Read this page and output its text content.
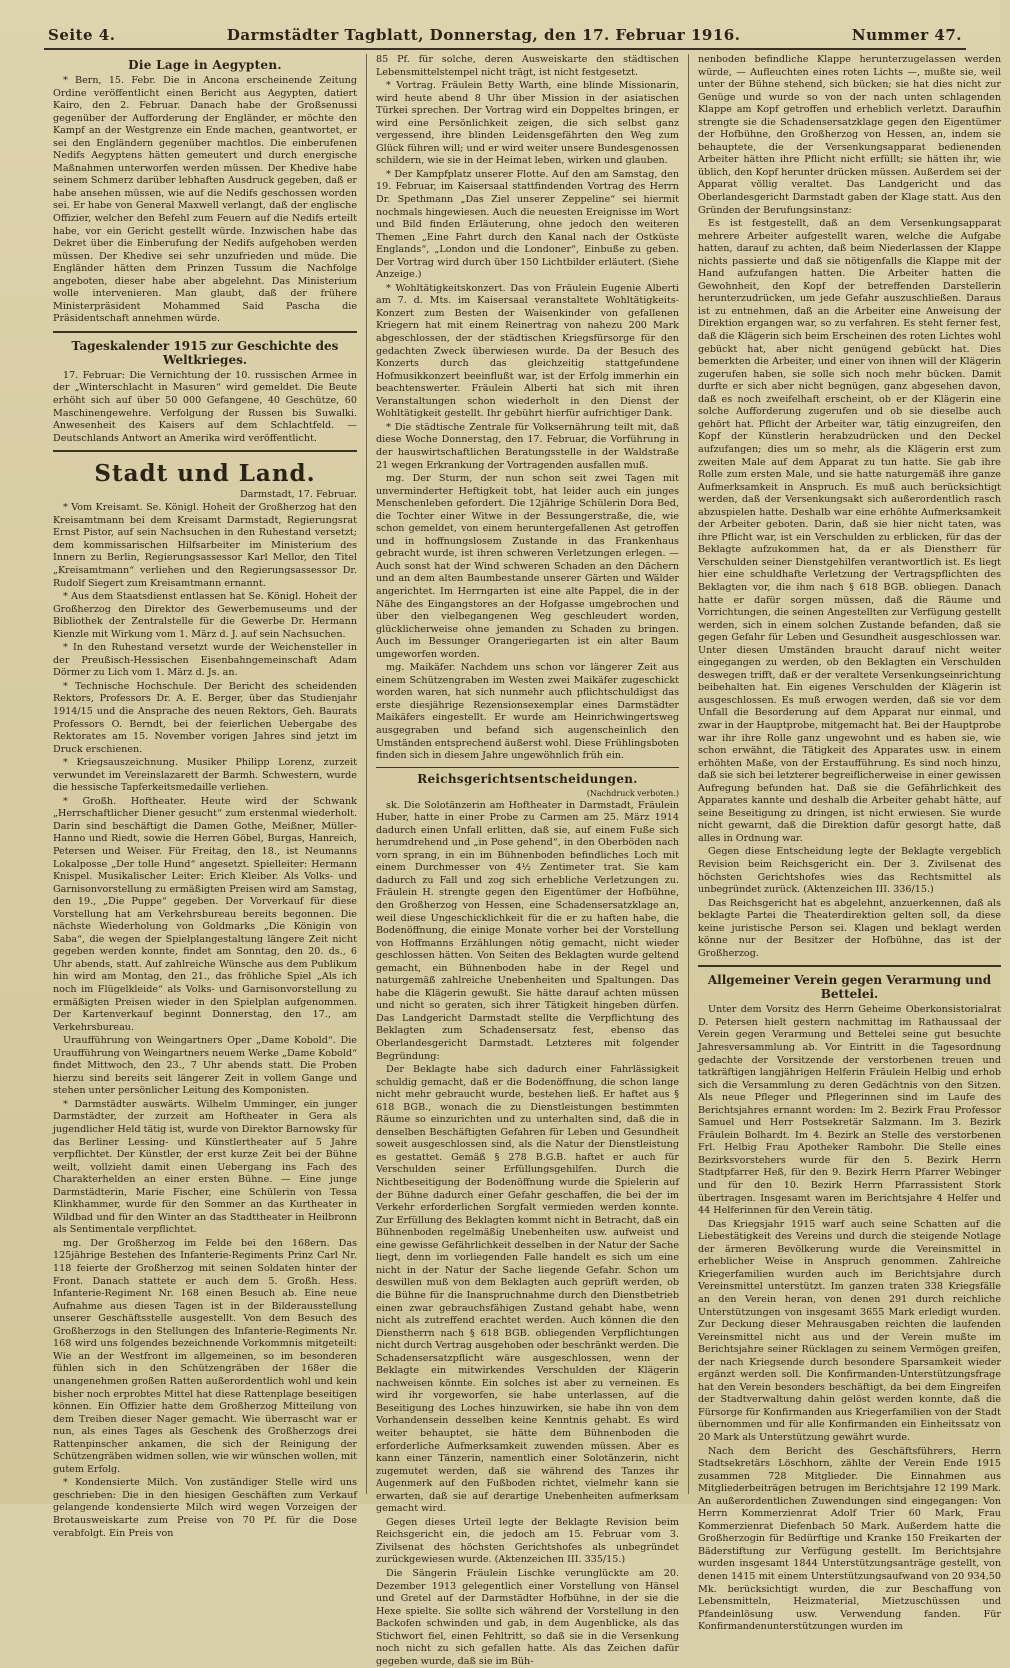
Seite 4.	Darmstädter Tagblatt, Donnerstag, den 17. Februar 1916.	Nummer 47.
Die Lage in Aegypten.

* Bern, 15. Febr. Die in Ancona erscheinende Zeitung Ordine veröffentlicht einen Bericht aus Aegypten, datiert Kairo, den 2. Februar. Danach habe der Großsenussi gegenüber der Aufforderung der Engländer, er möchte den Kampf an der Westgrenze ein Ende machen, geantwortet, er sei den Engländern gegenüber machtlos. Die einberufenen Nedifs Aegyptens hätten gemeutert und durch energische Maßnahmen unterworfen werden müssen. Der Khedive habe seinem Schmerz darüber lebhaften Ausdruck gegeben, daß er habe ansehen müssen, wie auf die Nedifs geschossen worden sei. Er habe von General Maxwell verlangt, daß der englische Offizier, welcher den Befehl zum Feuern auf die Nedifs erteilt habe, vor ein Gericht gestellt würde. Inzwischen habe das Dekret über die Einberufung der Nedifs aufgehoben werden müssen. Der Khedive sei sehr unzufrieden und müde. Die Engländer hätten dem Prinzen Tussum die Nachfolge angeboten, dieser habe aber abgelehnt. Das Ministerium wolle intervenieren. Man glaubt, daß der frühere Ministerpräsident Mohammed Said Pascha die Präsidentschaft annehmen würde.

Tageskalender 1915 zur Geschichte des Weltkrieges.

17. Februar: Die Vernichtung der 10. russischen Armee in der „Winterschlacht in Masuren“ wird gemeldet. Die Beute erhöht sich auf über 50 000 Gefangene, 40 Geschütze, 60 Maschinengewehre. Verfolgung der Russen bis Suwalki. Anwesenheit des Kaisers auf dem Schlachtfeld. — Deutschlands Antwort an Amerika wird veröffentlicht.

Stadt und Land.
Darmstadt, 17. Februar.

* Vom Kreisamt. Se. Königl. Hoheit der Großherzog hat den Kreisamtmann bei dem Kreisamt Darmstadt, Regierungsrat Ernst Pistor, auf sein Nachsuchen in den Ruhestand versetzt; dem kommissarischen Hilfsarbeiter im Ministerium des Innern zu Berlin, Regierungsassessor Karl Mellor, den Titel „Kreisamtmann“ verliehen und den Regierungsassessor Dr. Rudolf Siegert zum Kreisamtmann ernannt.

* Aus dem Staatsdienst entlassen hat Se. Königl. Hoheit der Großherzog den Direktor des Gewerbemuseums und der Bibliothek der Zentralstelle für die Gewerbe Dr. Hermann Kienzle mit Wirkung vom 1. März d. J. auf sein Nachsuchen.

* In den Ruhestand versetzt wurde der Weichensteller in der Preußisch-Hessischen Eisenbahngemeinschaft Adam Dörmer zu Lich vom 1. März d. Js. an.

* Technische Hochschule. Der Bericht des scheidenden Rektors, Professors Dr. A. E. Berger, über das Studienjahr 1914/15 und die Ansprache des neuen Rektors, Geh. Baurats Professors O. Berndt, bei der feierlichen Uebergabe des Rektorates am 15. November vorigen Jahres sind jetzt im Druck erschienen.

* Kriegsauszeichnung. Musiker Philipp Lorenz, zurzeit verwundet im Vereinslazarett der Barmh. Schwestern, wurde die hessische Tapferkeitsmedaille verliehen.

* Großh. Hoftheater. Heute wird der Schwank „Herrschaftlicher Diener gesucht“ zum erstenmal wiederholt. Darin sind beschäftigt die Damen Gothe, Meißner, Müller-Hanno und Riedt, sowie die Herren Göbel, Burgas, Hanreich, Petersen und Weiser. Für Freitag, den 18., ist Neumanns Lokalposse „Der tolle Hund“ angesetzt. Spielleiter: Hermann Knispel. Musikalischer Leiter: Erich Kleiber. Als Volks- und Garnisonvorstellung zu ermäßigten Preisen wird am Samstag, den 19., „Die Puppe“ gegeben. Der Vorverkauf für diese Vorstellung hat am Verkehrsbureau bereits begonnen. Die nächste Wiederholung von Goldmarks „Die Königin von Saba“, die wegen der Spielplangestaltung längere Zeit nicht gegeben werden konnte, findet am Sonntag, den 20. ds., 6 Uhr abends, statt. Auf zahlreiche Wünsche aus dem Publikum hin wird am Montag, den 21., das fröhliche Spiel „Als ich noch im Flügelkleide“ als Volks- und Garnisonvorstellung zu ermäßigten Preisen wieder in den Spielplan aufgenommen. Der Kartenverkauf beginnt Donnerstag, den 17., am Verkehrsbureau.

Uraufführung von Weingartners Oper „Dame Kobold“. Die Uraufführung von Weingartners neuem Werke „Dame Kobold“ findet Mittwoch, den 23., 7 Uhr abends statt. Die Proben hierzu sind bereits seit längerer Zeit in vollem Gange und stehen unter persönlicher Leitung des Komponisten.

* Darmstädter auswärts. Wilhelm Umminger, ein junger Darmstädter, der zurzeit am Hoftheater in Gera als jugendlicher Held tätig ist, wurde von Direktor Barnowsky für das Berliner Lessing- und Künstlertheater auf 5 Jahre verpflichtet. Der Künstler, der erst kurze Zeit bei der Bühne weilt, vollzieht damit einen Uebergang ins Fach des Charakterhelden an einer ersten Bühne. — Eine junge Darmstädterin, Marie Fischer, eine Schülerin von Tessa Klinkhammer, wurde für den Sommer an das Kurtheater in Wildbad und für den Winter an das Stadttheater in Heilbronn als Sentimentale verpflichtet.

mg. Der Großherzog im Felde bei den 168ern. Das 125jährige Bestehen des Infanterie-Regiments Prinz Carl Nr. 118 feierte der Großherzog mit seinen Soldaten hinter der Front. Danach stattete er auch dem 5. Großh. Hess. Infanterie-Regiment Nr. 168 einen Besuch ab. Eine neue Aufnahme aus diesen Tagen ist in der Bilderausstellung unserer Geschäftsstelle ausgestellt. Von dem Besuch des Großherzogs in den Stellungen des Infanterie-Regiments Nr. 168 wird uns folgendes bezeichnende Vorkommnis mitgeteilt: Wie an der Westfront im allgemeinen, so im besonderen fühlen sich in den Schützengräben der 168er die unangenehmen großen Ratten außerordentlich wohl und kein bisher noch erprobtes Mittel hat diese Rattenplage beseitigen können. Ein Offizier hatte dem Großherzog Mitteilung von dem Treiben dieser Nager gemacht. Wie überrascht war er nun, als eines Tages als Geschenk des Großherzogs drei Rattenpinscher ankamen, die sich der Reinigung der Schützengräben widmen sollen, wie wir wünschen wollen, mit gutem Erfolg.

* Kondensierte Milch. Von zuständiger Stelle wird uns geschrieben: Die in den hiesigen Geschäften zum Verkauf gelangende kondensierte Milch wird wegen Vorzeigen der Brotausweiskarte zum Preise von 70 Pf. für die Dose verabfolgt. Ein Preis von

85 Pf. für solche, deren Ausweiskarte den städtischen Lebensmittelstempel nicht trägt, ist nicht festgesetzt.

* Vortrag. Fräulein Betty Warth, eine blinde Missionarin, wird heute abend 8 Uhr über Mission in der asiatischen Türkei sprechen. Der Vortrag wird ein Doppeltes bringen, er wird eine Persönlichkeit zeigen, die sich selbst ganz vergessend, ihre blinden Leidensgefährten den Weg zum Glück führen will; und er wird weiter unsere Bundesgenossen schildern, wie sie in der Heimat leben, wirken und glauben.

* Der Kampfplatz unserer Flotte. Auf den am Samstag, den 19. Februar, im Kaisersaal stattfindenden Vortrag des Herrn Dr. Spethmann „Das Ziel unserer Zeppeline“ sei hiermit nochmals hingewiesen. Auch die neuesten Ereignisse im Wort und Bild finden Erläuterung, ohne jedoch den weiteren Themen „Eine Fahrt durch den Kanal nach der Ostküste Englands“, „London und die Londoner“, Einbuße zu geben. Der Vortrag wird durch über 150 Lichtbilder erläutert. (Siehe Anzeige.)

* Wohltätigkeitskonzert. Das von Fräulein Eugenie Alberti am 7. d. Mts. im Kaisersaal veranstaltete Wohltätigkeits-Konzert zum Besten der Waisenkinder von gefallenen Kriegern hat mit einem Reinertrag von nahezu 200 Mark abgeschlossen, der der städtischen Kriegsfürsorge für den gedachten Zweck überwiesen wurde. Da der Besuch des Konzerts durch das gleichzeitig stattgefundene Hofmusikkonzert beeinflußt war, ist der Erfolg immerhin ein beachtenswerter. Fräulein Alberti hat sich mit ihren Veranstaltungen schon wiederholt in den Dienst der Wohltätigkeit gestellt. Ihr gebührt hierfür aufrichtiger Dank.

* Die städtische Zentrale für Volksernährung teilt mit, daß diese Woche Donnerstag, den 17. Februar, die Vorführung in der hauswirtschaftlichen Beratungsstelle in der Waldstraße 21 wegen Erkrankung der Vortragenden ausfallen muß.

mg. Der Sturm, der nun schon seit zwei Tagen mit unverminderter Heftigkeit tobt, hat leider auch ein junges Menschenleben gefordert. Die 12jährige Schülerin Dora Bed, die Tochter einer Witwe in der Bessungerstraße, die, wie schon gemeldet, von einem heruntergefallenen Ast getroffen und in hoffnungslosem Zustande in das Frankenhaus gebracht wurde, ist ihren schweren Verletzungen erlegen. — Auch sonst hat der Wind schweren Schaden an den Dächern und an dem alten Baumbestande unserer Gärten und Wälder angerichtet. Im Herrngarten ist eine alte Pappel, die in der Nähe des Eingangstores an der Hofgasse umgebrochen und über den vielbegangenen Weg geschleudert worden, glücklicherweise ohne jemanden zu Schaden zu bringen. Auch im Bessunger Orangeriegarten ist ein alter Baum umgeworfen worden.

mg. Maikäfer. Nachdem uns schon vor längerer Zeit aus einem Schützengraben im Westen zwei Maikäfer zugeschickt worden waren, hat sich nunmehr auch pflichtschuldigst das erste diesjährige Rezensionsexemplar eines Darmstädter Maikäfers eingestellt. Er wurde am Heinrichwingertsweg ausgegraben und befand sich augenscheinlich den Umständen entsprechend äußerst wohl. Diese Frühlingsboten finden sich in diesem Jahre ungewöhnlich früh ein.

Reichsgerichtsentscheidungen.
(Nachdruck verboten.)

sk. Die Solotänzerin am Hoftheater in Darmstadt, Fräulein Huber, hatte in einer Probe zu Carmen am 25. März 1914 dadurch einen Unfall erlitten, daß sie, auf einem Fuße sich herumdrehend und „in Pose gehend“, in den Oberböden nach vorn sprang, in ein im Bühnenboden befindliches Loch mit einem Durchmesser von 4½ Zentimeter trat. Sie kam dadurch zu Fall und zog sich erhebliche Verletzungen zu. Fräulein H. strengte gegen den Eigentümer der Hofbühne, den Großherzog von Hessen, eine Schadensersatzklage an, weil diese Ungeschicklichkeit für die er zu haften habe, die Bodenöffnung, die einige Monate vorher bei der Vorstellung von Hoffmanns Erzählungen nötig gemacht, nicht wieder geschlossen hätten. Von Seiten des Beklagten wurde geltend gemacht, ein Bühnenboden habe in der Regel und naturgemäß zahlreiche Unebenheiten und Spaltungen. Das habe die Klägerin gewußt. Sie hätte darauf achten müssen und nicht so geraten, sich ihrer Tätigkeit hingeben dürfen. Das Landgericht Darmstadt stellte die Verpflichtung des Beklagten zum Schadensersatz fest, ebenso das Oberlandesgericht Darmstadt. Letzteres mit folgender Begründung:

Der Beklagte habe sich dadurch einer Fahrlässigkeit schuldig gemacht, daß er die Bodenöffnung, die schon lange nicht mehr gebraucht wurde, bestehen ließ. Er haftet aus § 618 BGB., wonach die zu Dienstleistungen bestimmten Räume so einzurichten und zu unterhalten sind, daß die in denselben Beschäftigten Gefahren für Leben und Gesundheit soweit ausgeschlossen sind, als die Natur der Dienstleistung es gestattet. Gemäß § 278 B.G.B. haftet er auch für Verschulden seiner Erfüllungsgehilfen. Durch die Nichtbeseitigung der Bodenöffnung wurde die Spielerin auf der Bühne dadurch einer Gefahr geschaffen, die bei der im Verkehr erforderlichen Sorgfalt vermieden werden konnte. Zur Erfüllung des Beklagten kommt nicht in Betracht, daß ein Bühnenboden regelmäßig Unebenheiten usw. aufweist und eine gewisse Gefährlichkeit desselben in der Natur der Sache liegt, denn im vorliegenden Falle handelt es sich um eine nicht in der Natur der Sache liegende Gefahr. Schon um deswillen muß von dem Beklagten auch geprüft werden, ob die Bühne für die Inanspruchnahme durch den Dienstbetrieb einen zwar gebrauchsfähigen Zustand gehabt habe, wenn nicht als zutreffend erachtet werden. Auch können die den Dienstherrn nach § 618 BGB. obliegenden Verpflichtungen nicht durch Vertrag ausgehoben oder beschränkt werden. Die Schadensersatzpflicht wäre ausgeschlossen, wenn der Beklagte ein mitwirkendes Verschulden der Klägerin nachweisen könnte. Ein solches ist aber zu verneinen. Es wird ihr vorgeworfen, sie habe unterlassen, auf die Beseitigung des Loches hinzuwirken, sie habe ihn von dem Vorhandensein desselben keine Kenntnis gehabt. Es wird weiter behauptet, sie hätte dem Bühnenboden die erforderliche Aufmerksamkeit zuwenden müssen. Aber es kann einer Tänzerin, namentlich einer Solotänzerin, nicht zugemutet werden, daß sie während des Tanzes ihr Augenmerk auf den Fußboden richtet, vielmehr kann sie erwarten, daß sie auf derartige Unebenheiten aufmerksam gemacht wird.

Gegen dieses Urteil legte der Beklagte Revision beim Reichsgericht ein, die jedoch am 15. Februar vom 3. Zivilsenat des höchsten Gerichtshofes als unbegründet zurückgewiesen wurde. (Aktenzeichen III. 335/15.)

Die Sängerin Fräulein Lischke verunglückte am 20. Dezember 1913 gelegentlich einer Vorstellung von Hänsel und Gretel auf der Darmstädter Hofbühne, in der sie die Hexe spielte. Sie sollte sich während der Vorstellung in den Backofen schwinden und gab, in dem Augenblicke, als das Stichwort fiel, einen Fehltritt, so daß sie in die Versenkung noch nicht zu sich gefallen hatte. Als das Zeichen dafür gegeben wurde, daß sie im Büh-

nenboden befindliche Klappe herunterzugelassen werden würde, — Aufleuchten eines roten Lichts —, mußte sie, weil unter der Bühne stehend, sich bücken; sie hat dies nicht zur Genüge und wurde so von der nach unten schlagenden Klappe am Kopf getroffen und erheblich verletzt. Daraufhin strengte sie die Schadensersatzklage gegen den Eigentümer der Hofbühne, den Großherzog von Hessen, an, indem sie behauptete, die der Versenkungsapparat bedienenden Arbeiter hätten ihre Pflicht nicht erfüllt; sie hätten ihr, wie üblich, den Kopf herunter drücken müssen. Außerdem sei der Apparat völlig veraltet. Das Landgericht und das Oberlandesgericht Darmstadt gaben der Klage statt. Aus den Gründen der Berufungsinstanz:

Es ist festgestellt, daß an dem Versenkungsapparat mehrere Arbeiter aufgestellt waren, welche die Aufgabe hatten, darauf zu achten, daß beim Niederlassen der Klappe nichts passierte und daß sie nötigenfalls die Klappe mit der Hand aufzufangen hatten. Die Arbeiter hatten die Gewohnheit, den Kopf der betreffenden Darstellerin herunterzudrücken, um jede Gefahr auszuschließen. Daraus ist zu entnehmen, daß an die Arbeiter eine Anweisung der Direktion ergangen war, so zu verfahren. Es steht ferner fest, daß die Klägerin sich beim Erscheinen des roten Lichtes wohl gebückt hat, aber nicht genügend gebückt hat. Dies bemerkten die Arbeiter, und einer von ihnen will der Klägerin zugerufen haben, sie solle sich noch mehr bücken. Damit durfte er sich aber nicht begnügen, ganz abgesehen davon, daß es noch zweifelhaft erscheint, ob er der Klägerin eine solche Aufforderung zugerufen und ob sie dieselbe auch gehört hat. Pflicht der Arbeiter war, tätig einzugreifen, den Kopf der Künstlerin herabzudrücken und den Deckel aufzufangen; dies um so mehr, als die Klägerin erst zum zweiten Male auf dem Apparat zu tun hatte. Sie gab ihre Rolle zum ersten Male, und sie hatte naturgemäß ihre ganze Aufmerksamkeit in Anspruch. Es muß auch berücksichtigt werden, daß der Versenkungsakt sich außerordentlich rasch abzuspielen hatte. Deshalb war eine erhöhte Aufmerksamkeit der Arbeiter geboten. Darin, daß sie hier nicht taten, was ihre Pflicht war, ist ein Verschulden zu erblicken, für das der Beklagte aufzukommen hat, da er als Dienstherr für Verschulden seiner Dienstgehilfen verantwortlich ist. Es liegt hier eine schuldhafte Verletzung der Vertragspflichten des Beklagten vor, die ihm nach § 618 BGB. obliegen. Danach hatte er dafür sorgen müssen, daß die Räume und Vorrichtungen, die seinen Angestellten zur Verfügung gestellt werden, sich in einem solchen Zustande befanden, daß sie gegen Gefahr für Leben und Gesundheit ausgeschlossen war. Unter diesen Umständen braucht darauf nicht weiter eingegangen zu werden, ob den Beklagten ein Verschulden deswegen trifft, daß er der veraltete Versenkungseinrichtung beibehalten hat. Ein eigenes Verschulden der Klägerin ist ausgeschlossen. Es muß erwogen werden, daß sie vor dem Unfall die Besorderung auf dem Apparat nur einmal, und zwar in der Hauptprobe, mitgemacht hat. Bei der Hauptprobe war ihr ihre Rolle ganz ungewohnt und es haben sie, wie schon erwähnt, die Tätigkeit des Apparates usw. in einem erhöhten Maße, von der Erstaufführung. Es sind noch hinzu, daß sie sich bei letzterer begreiflicherweise in einer gewissen Aufregung befunden hat. Daß sie die Gefährlichkeit des Apparates kannte und deshalb die Arbeiter gehabt hätte, auf seine Beseitigung zu dringen, ist nicht erwiesen. Sie wurde nicht gewarnt, daß die Direktion dafür gesorgt hatte, daß alles in Ordnung war.

Gegen diese Entscheidung legte der Beklagte vergeblich Revision beim Reichsgericht ein. Der 3. Zivilsenat des höchsten Gerichtshofes wies das Rechtsmittel als unbegründet zurück. (Aktenzeichen III. 336/15.)

Das Reichsgericht hat es abgelehnt, anzuerkennen, daß als beklagte Partei die Theaterdirektion gelten soll, da diese keine juristische Person sei. Klagen und beklagt werden könne nur der Besitzer der Hofbühne, das ist der Großherzog.

Allgemeiner Verein gegen Verarmung und Bettelei.

Unter dem Vorsitz des Herrn Geheime Oberkonsistorialrat D. Petersen hielt gestern nachmittag im Rathaussaal der Verein gegen Verarmung und Bettelei seine gut besuchte Jahresversammlung ab. Vor Eintritt in die Tagesordnung gedachte der Vorsitzende der verstorbenen treuen und tatkräftigen langjährigen Helferin Fräulein Helbig und erhob sich die Versammlung zu deren Gedächtnis von den Sitzen. Als neue Pfleger und Pflegerinnen sind im Laufe des Berichtsjahres ernannt worden: Im 2. Bezirk Frau Professor Samuel und Herr Postsekretär Salzmann. Im 3. Bezirk Fräulein Bolhardt. Im 4. Bezirk an Stelle des verstorbenen Frl. Helbig Frau Apotheker Rambohr. Die Stelle eines Bezirksvorstehers wurde für den 5. Bezirk Herrn Stadtpfarrer Heß, für den 9. Bezirk Herrn Pfarrer Webinger und für den 10. Bezirk Herrn Pfarrassistent Stork übertragen. Insgesamt waren im Berichtsjahre 4 Helfer und 44 Helferinnen für den Verein tätig.

Das Kriegsjahr 1915 warf auch seine Schatten auf die Liebestätigkeit des Vereins und durch die steigende Notlage der ärmeren Bevölkerung wurde die Vereinsmittel in erheblicher Weise in Anspruch genommen. Zahlreiche Kriegerfamilien wurden auch im Berichtsjahre durch Vereinsmittel unterstützt. Im ganzen traten 338 Kriegsfälle an den Verein heran, von denen 291 durch reichliche Unterstützungen von insgesamt 3655 Mark erledigt wurden. Zur Deckung dieser Mehrausgaben reichten die laufenden Vereinsmittel nicht aus und der Verein mußte im Berichtsjahre seiner Rücklagen zu seinem Vermögen greifen, der nach Kriegsende durch besondere Sparsamkeit wieder ergänzt werden soll. Die Konfirmanden-Unterstützungsfrage hat den Verein besonders beschäftigt, da bei dem Eingreifen der Stadtverwaltung dahin gelöst werden konnte, daß die Fürsorge für Konfirmanden aus Kriegerfamilien von der Stadt übernommen und für alle Konfirmanden ein Einheitssatz von 20 Mark als Unterstützung gewährt wurde.

Nach dem Bericht des Geschäftsführers, Herrn Stadtsekretärs Löschhorn, zählte der Verein Ende 1915 zusammen 728 Mitglieder. Die Einnahmen aus Mitgliederbeiträgen betrugen im Berichtsjahre 12 199 Mark. An außerordentlichen Zuwendungen sind eingegangen: Von Herrn Kommerzienrat Adolf Trier 60 Mark, Frau Kommerzienrat Diefenbach 50 Mark. Außerdem hatte die Großherzogin für Bedürftige und Kranke 150 Freikarten der Bäderstiftung zur Verfügung gestellt. Im Berichtsjahre wurden insgesamt 1844 Unterstützungsanträge gestellt, von denen 1415 mit einem Unterstützungsaufwand von 20 934,50 Mk. berücksichtigt wurden, die zur Beschaffung von Lebensmitteln, Heizmaterial, Mietzuschüssen und Pfandeinlösung usw. Verwendung fanden. Für Konfirmandenunterstützungen wurden im
